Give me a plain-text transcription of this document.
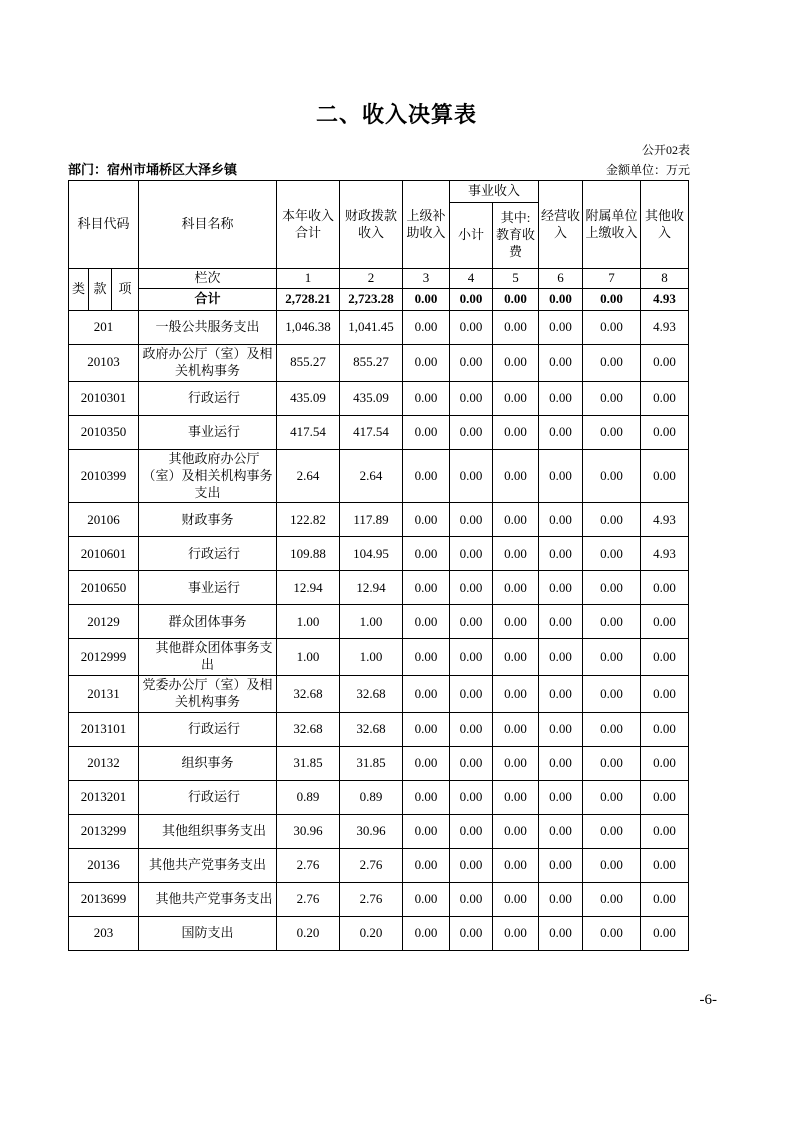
二、收入决算表
公开02表
部门：宿州市埇桥区大泽乡镇	金额单位：万元
科目代码			科目名称	本年收入合计	财政拨款收入	上级补助收入	事业收入		经营收入	附属单位上缴收入	其他收入
							小计	其中:教育收费			
类	款	项	栏次	1	2	3	4	5	6	7	8
			合计	2,728.21	2,723.28	0.00	0.00	0.00	0.00	0.00	4.93
201			一般公共服务支出	1,046.38	1,041.45	0.00	0.00	0.00	0.00	0.00	4.93
20103			政府办公厅（室）及相关机构事务	855.27	855.27	0.00	0.00	0.00	0.00	0.00	0.00
2010301			行政运行	435.09	435.09	0.00	0.00	0.00	0.00	0.00	0.00
2010350			事业运行	417.54	417.54	0.00	0.00	0.00	0.00	0.00	0.00
2010399			其他政府办公厅（室）及相关机构事务支出	2.64	2.64	0.00	0.00	0.00	0.00	0.00	0.00
20106			财政事务	122.82	117.89	0.00	0.00	0.00	0.00	0.00	4.93
2010601			行政运行	109.88	104.95	0.00	0.00	0.00	0.00	0.00	4.93
2010650			事业运行	12.94	12.94	0.00	0.00	0.00	0.00	0.00	0.00
20129			群众团体事务	1.00	1.00	0.00	0.00	0.00	0.00	0.00	0.00
2012999			其他群众团体事务支出	1.00	1.00	0.00	0.00	0.00	0.00	0.00	0.00
20131			党委办公厅（室）及相关机构事务	32.68	32.68	0.00	0.00	0.00	0.00	0.00	0.00
2013101			行政运行	32.68	32.68	0.00	0.00	0.00	0.00	0.00	0.00
20132			组织事务	31.85	31.85	0.00	0.00	0.00	0.00	0.00	0.00
2013201			行政运行	0.89	0.89	0.00	0.00	0.00	0.00	0.00	0.00
2013299			其他组织事务支出	30.96	30.96	0.00	0.00	0.00	0.00	0.00	0.00
20136			其他共产党事务支出	2.76	2.76	0.00	0.00	0.00	0.00	0.00	0.00
2013699			其他共产党事务支出	2.76	2.76	0.00	0.00	0.00	0.00	0.00	0.00
203			国防支出	0.20	0.20	0.00	0.00	0.00	0.00	0.00	0.00
-6-
